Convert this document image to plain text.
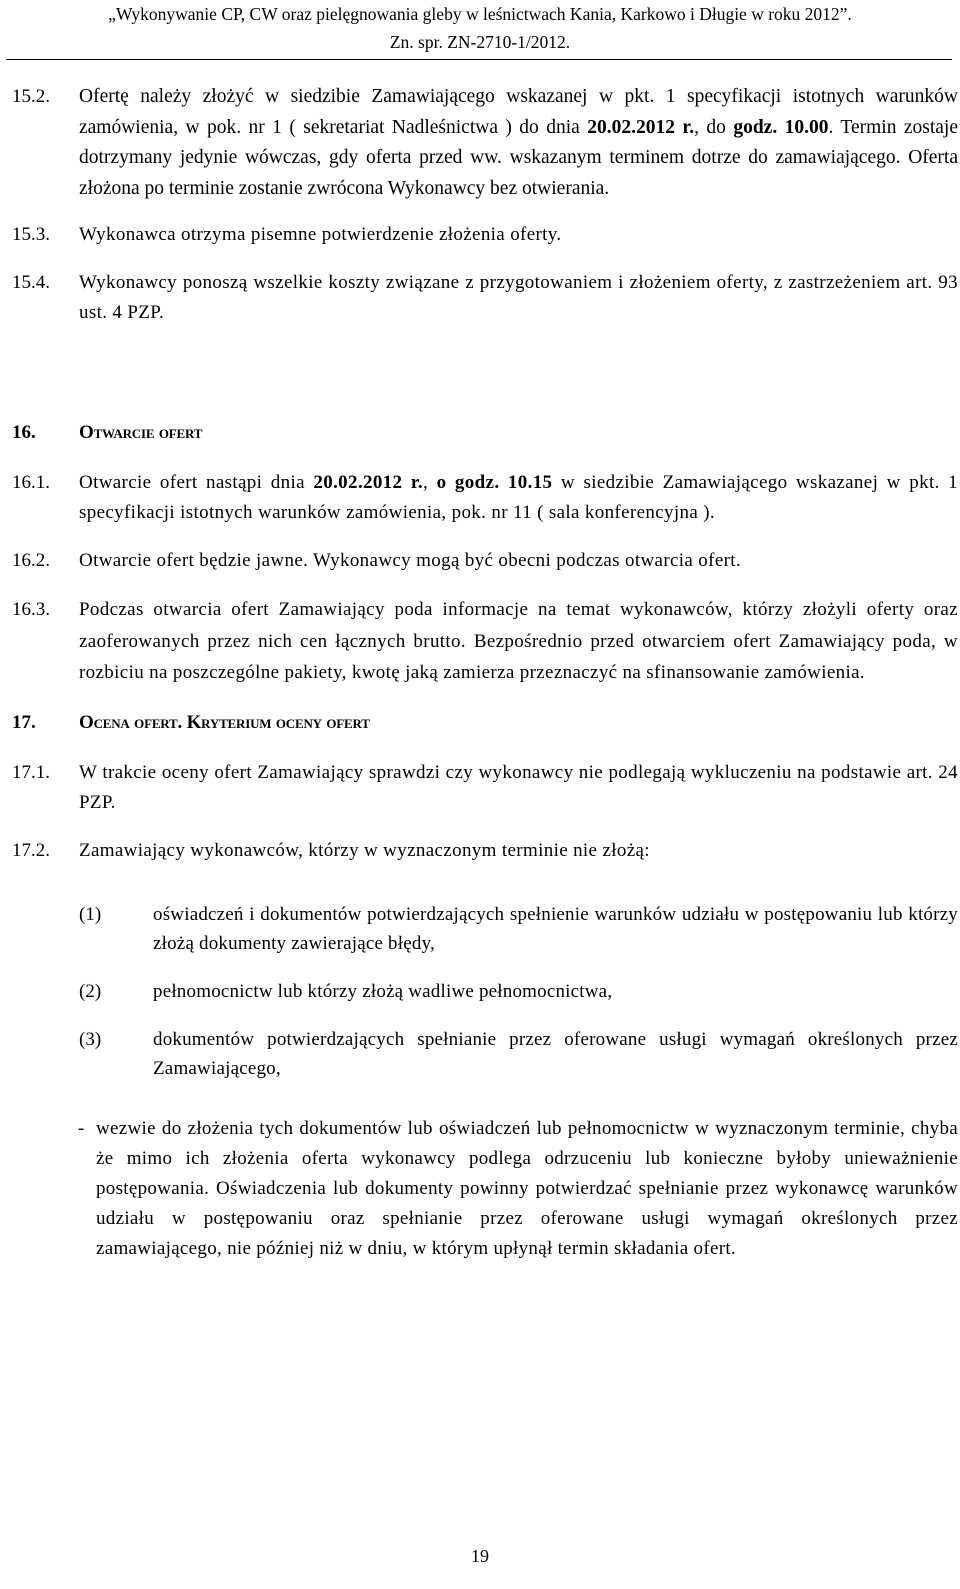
„Wykonywanie CP, CW oraz pielęgnowania gleby w leśnictwach Kania, Karkowo i Długie w roku 2012”.
Zn. spr. ZN-2710-1/2012.
15.2.	Ofertę należy złożyć w siedzibie Zamawiającego wskazanej w pkt. 1 specyfikacji istotnych warunków zamówienia, w pok. nr 1 ( sekretariat Nadleśnictwa ) do dnia 20.02.2012 r., do godz. 10.00. Termin zostaje dotrzymany jedynie wówczas, gdy oferta przed ww. wskazanym terminem dotrze do zamawiającego. Oferta złożona po terminie zostanie zwrócona Wykonawcy bez otwierania.
15.3.	Wykonawca otrzyma pisemne potwierdzenie złożenia oferty.
15.4.	Wykonawcy ponoszą wszelkie koszty związane z przygotowaniem i złożeniem oferty, z zastrzeżeniem art. 93 ust. 4 PZP.
16.	Otwarcie ofert
16.1.	Otwarcie ofert nastąpi dnia 20.02.2012 r., o godz. 10.15 w siedzibie Zamawiającego wskazanej w pkt. 1 specyfikacji istotnych warunków zamówienia, pok. nr 11 ( sala konferencyjna ).
16.2.	Otwarcie ofert będzie jawne. Wykonawcy mogą być obecni podczas otwarcia ofert.
16.3.	Podczas otwarcia ofert Zamawiający poda informacje na temat wykonawców, którzy złożyli oferty oraz zaoferowanych przez nich cen łącznych brutto. Bezpośrednio przed otwarciem ofert Zamawiający poda, w rozbiciu na poszczególne pakiety, kwotę jaką zamierza przeznaczyć na sfinansowanie zamówienia.
17.	Ocena ofert. Kryterium oceny ofert
17.1.	W trakcie oceny ofert Zamawiający sprawdzi czy wykonawcy nie podlegają wykluczeniu na podstawie art. 24 PZP.
17.2.	Zamawiający wykonawców, którzy w wyznaczonym terminie nie złożą:
(1)	oświadczeń i dokumentów potwierdzających spełnienie warunków udziału w postępowaniu lub którzy złożą dokumenty zawierające błędy,
(2)	pełnomocnictw lub którzy złożą wadliwe pełnomocnictwa,
(3)	dokumentów potwierdzających spełnianie przez oferowane usługi wymagań określonych przez Zamawiającego,
- wezwie do złożenia tych dokumentów lub oświadczeń lub pełnomocnictw w wyznaczonym terminie, chyba że mimo ich złożenia oferta wykonawcy podlega odrzuceniu lub konieczne byłoby unieważnienie postępowania. Oświadczenia lub dokumenty powinny potwierdzać spełnianie przez wykonawcę warunków udziału w postępowaniu oraz spełnianie przez oferowane usługi wymagań określonych przez zamawiającego, nie później niż w dniu, w którym upłynął termin składania ofert.
19
